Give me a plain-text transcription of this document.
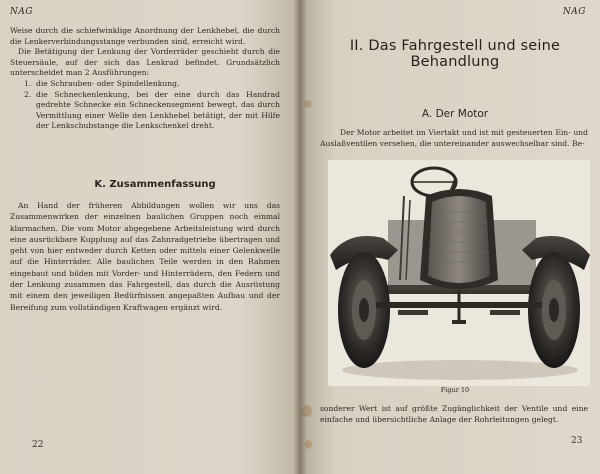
NAG

Weise durch die schiefwinklige Anordnung der Lenkhebel, die durch die Lenkerverbindungsstange verbunden sind, erreicht wird.

Die Betätigung der Lenkung der Vorderräder geschieht durch die Steuersäule, auf der sich das Lenkrad befindet. Grundsätzlich unterscheidet man 2 Ausführungen:

1. die Schrauben- oder Spindellenkung,
2. die Schneckenlenkung, bei der eine durch das Handrad gedrehte Schnecke ein Schneckensegment bewegt, das durch Vermittlung einer Welle den Lenkhebel betätigt, der mit Hilfe der Lenkschubstange die Lenkschenkel dreht.
K. Zusammenfassung

An Hand der früheren Abbildungen wollen wir uns das Zusammenwirken der einzelnen baulichen Gruppen noch einmal klarmachen. Die vom Motor abgegebene Arbeitsleistung wird durch eine ausrückbare Kupplung auf das Zahnradgetriebe übertragen und geht von hier entweder durch Ketten oder mittels einer Gelenkwelle auf die Hinterräder. Alle baulichen Teile werden in den Rahmen eingebaut und bilden mit Vorder- und Hinterrädern, den Federn und der Lenkung zusammen das Fahrgestell, das durch die Ausrüstung mit einem den jeweiligen Bedürfnissen angepaßten Aufbau und der Bereifung zum vollständigen Kraftwagen ergänzt wird.

22
NAG
II. Das Fahrgestell und seine Behandlung
A. Der Motor
Der Motor arbeitet im Viertakt und ist mit gesteuerten Ein- und Auslaßventilen versehen, die untereinander auswechselbar sind. Be-
Figur 10
sonderer Wert ist auf größte Zugänglichkeit der Ventile und eine einfache und übersichtliche Anlage der Rohrleitungen gelegt.
23
